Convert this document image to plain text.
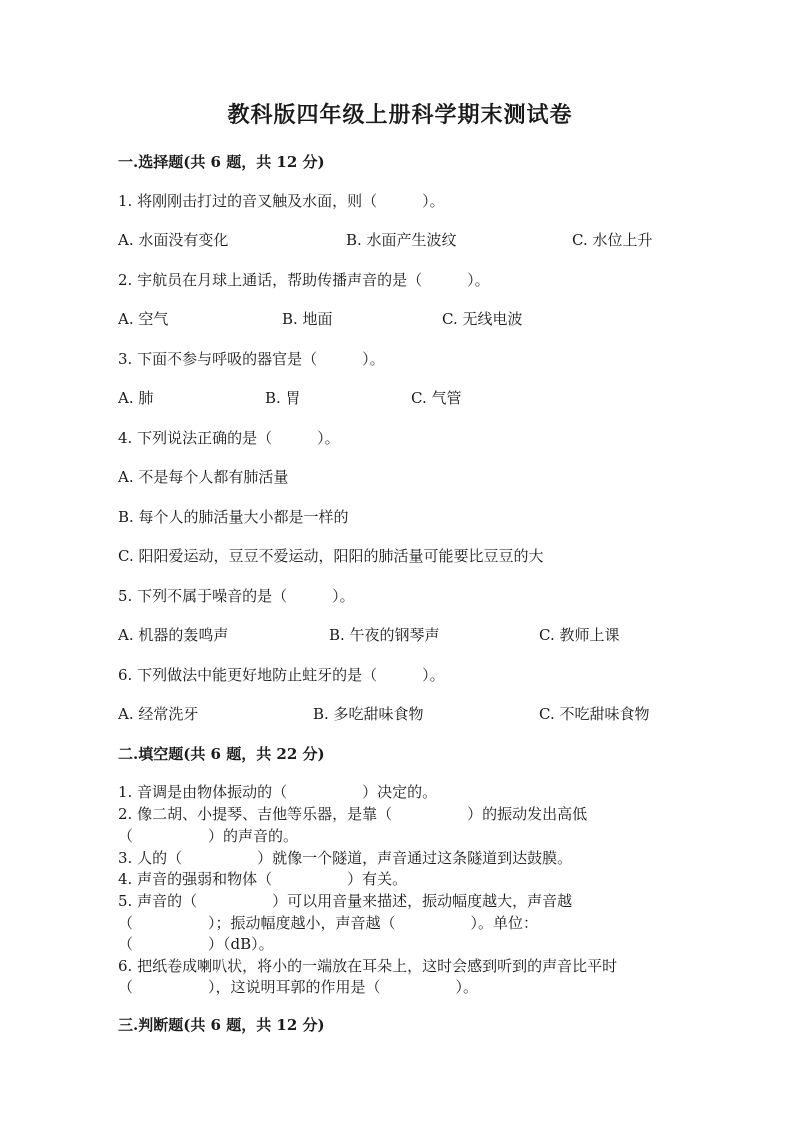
教科版四年级上册科学期末测试卷
一.选择题(共 6 题，共 12 分)
1. 将刚刚击打过的音叉触及水面，则（　　　）。
A. 水面没有变化	B. 水面产生波纹	C. 水位上升
2. 宇航员在月球上通话，帮助传播声音的是（　　　）。
A. 空气	B. 地面	C. 无线电波
3. 下面不参与呼吸的器官是（　　　）。
A. 肺	B. 胃	C. 气管
4. 下列说法正确的是（　　　）。
A. 不是每个人都有肺活量
B. 每个人的肺活量大小都是一样的
C. 阳阳爱运动，豆豆不爱运动，阳阳的肺活量可能要比豆豆的大
5. 下列不属于噪音的是（　　　）。
A. 机器的轰鸣声	B. 午夜的钢琴声	C. 教师上课
6. 下列做法中能更好地防止蛀牙的是（　　　）。
A. 经常洗牙	B. 多吃甜味食物	C. 不吃甜味食物
二.填空题(共 6 题，共 22 分)
1. 音调是由物体振动的（　　　　　）决定的。
2. 像二胡、小提琴、吉他等乐器，是靠（　　　　　）的振动发出高低
（　　　　　）的声音的。
3. 人的（　　　　　）就像一个隧道，声音通过这条隧道到达鼓膜。
4. 声音的强弱和物体（　　　　　）有关。
5. 声音的（　　　　　）可以用音量来描述，振动幅度越大，声音越
（　　　　　）；振动幅度越小，声音越（　　　　　）。单位：
（　　　　　）（dB）。
6. 把纸卷成喇叭状，将小的一端放在耳朵上，这时会感到听到的声音比平时
（　　　　　），这说明耳郭的作用是（　　　　　）。
三.判断题(共 6 题，共 12 分)
